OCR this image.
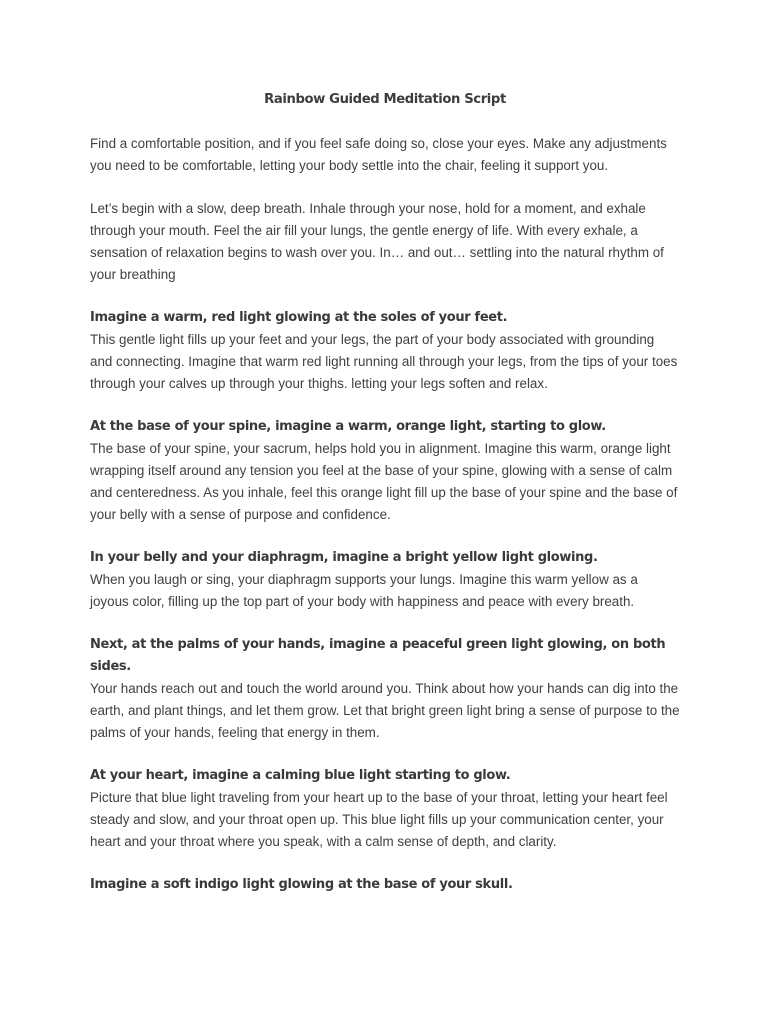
Rainbow Guided Meditation Script

Find a comfortable position, and if you feel safe doing so, close your eyes. Make any adjustments you need to be comfortable, letting your body settle into the chair, feeling it support you.

Let’s begin with a slow, deep breath. Inhale through your nose, hold for a moment, and exhale through your mouth. Feel the air fill your lungs, the gentle energy of life. With every exhale, a sensation of relaxation begins to wash over you. In… and out… settling into the natural rhythm of your breathing

Imagine a warm, red light glowing at the soles of your feet.

This gentle light fills up your feet and your legs, the part of your body associated with grounding and connecting. Imagine that warm red light running all through your legs, from the tips of your toes through your calves up through your thighs. letting your legs soften and relax.

At the base of your spine, imagine a warm, orange light, starting to glow.

The base of your spine, your sacrum, helps hold you in alignment. Imagine this warm, orange light wrapping itself around any tension you feel at the base of your spine, glowing with a sense of calm and centeredness. As you inhale, feel this orange light fill up the base of your spine and the base of your belly with a sense of purpose and confidence.

In your belly and your diaphragm, imagine a bright yellow light glowing.

When you laugh or sing, your diaphragm supports your lungs. Imagine this warm yellow as a joyous color, filling up the top part of your body with happiness and peace with every breath.

Next, at the palms of your hands, imagine a peaceful green light glowing, on both sides.

Your hands reach out and touch the world around you. Think about how your hands can dig into the earth, and plant things, and let them grow. Let that bright green light bring a sense of purpose to the palms of your hands, feeling that energy in them.

At your heart, imagine a calming blue light starting to glow.

Picture that blue light traveling from your heart up to the base of your throat, letting your heart feel steady and slow, and your throat open up. This blue light fills up your communication center, your heart and your throat where you speak, with a calm sense of depth, and clarity.

Imagine a soft indigo light glowing at the base of your skull.
